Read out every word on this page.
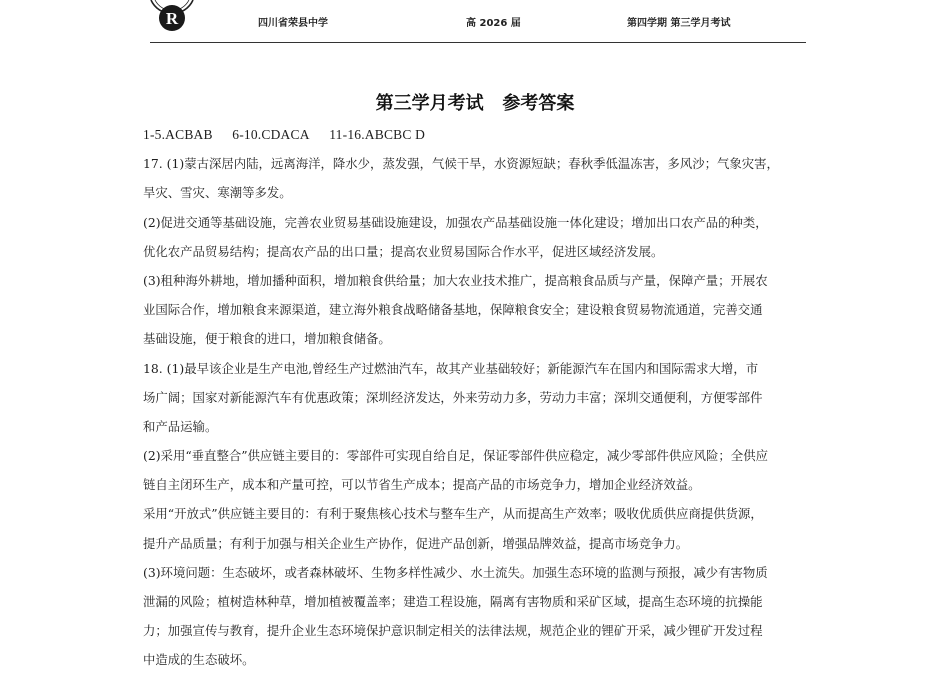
R	四川省荣县中学	高 2026 届	第四学期 第三学月考试
第三学月考试   参考答案
1-5.ACBAB 6-10.CDACA 11-16.ABCBC D
17. (1)蒙古深居内陆，远离海洋，降水少，蒸发强，气候干旱，水资源短缺；春秋季低温冻害，多风沙；气象灾害，
旱灾、雪灾、寒潮等多发。
(2)促进交通等基础设施，完善农业贸易基础设施建设，加强农产品基础设施一体化建设；增加出口农产品的种类，
优化农产品贸易结构；提高农产品的出口量；提高农业贸易国际合作水平，促进区域经济发展。
(3)租种海外耕地，增加播种面积，增加粮食供给量；加大农业技术推广，提高粮食品质与产量，保障产量；开展农
业国际合作，增加粮食来源渠道，建立海外粮食战略储备基地，保障粮食安全；建设粮食贸易物流通道，完善交通
基础设施，便于粮食的进口，增加粮食储备。
18. (1)最早该企业是生产电池,曾经生产过燃油汽车，故其产业基础较好；新能源汽车在国内和国际需求大增，市
场广阔；国家对新能源汽车有优惠政策；深圳经济发达，外来劳动力多，劳动力丰富；深圳交通便利，方便零部件
和产品运输。
(2)采用“垂直整合”供应链主要目的：零部件可实现自给自足，保证零部件供应稳定，减少零部件供应风险；全供应
链自主闭环生产，成本和产量可控，可以节省生产成本；提高产品的市场竞争力，增加企业经济效益。
采用“开放式”供应链主要目的：有利于聚焦核心技术与整车生产，从而提高生产效率；吸收优质供应商提供货源，
提升产品质量；有利于加强与相关企业生产协作，促进产品创新，增强品牌效益，提高市场竞争力。
(3)环境问题：生态破坏，或者森林破坏、生物多样性减少、水土流失。加强生态环境的监测与预报，减少有害物质
泄漏的风险；植树造林种草，增加植被覆盖率；建造工程设施，隔离有害物质和采矿区域，提高生态环境的抗操能
力；加强宣传与教育，提升企业生态环境保护意识制定相关的法律法规，规范企业的锂矿开采，减少锂矿开发过程
中造成的生态破坏。
